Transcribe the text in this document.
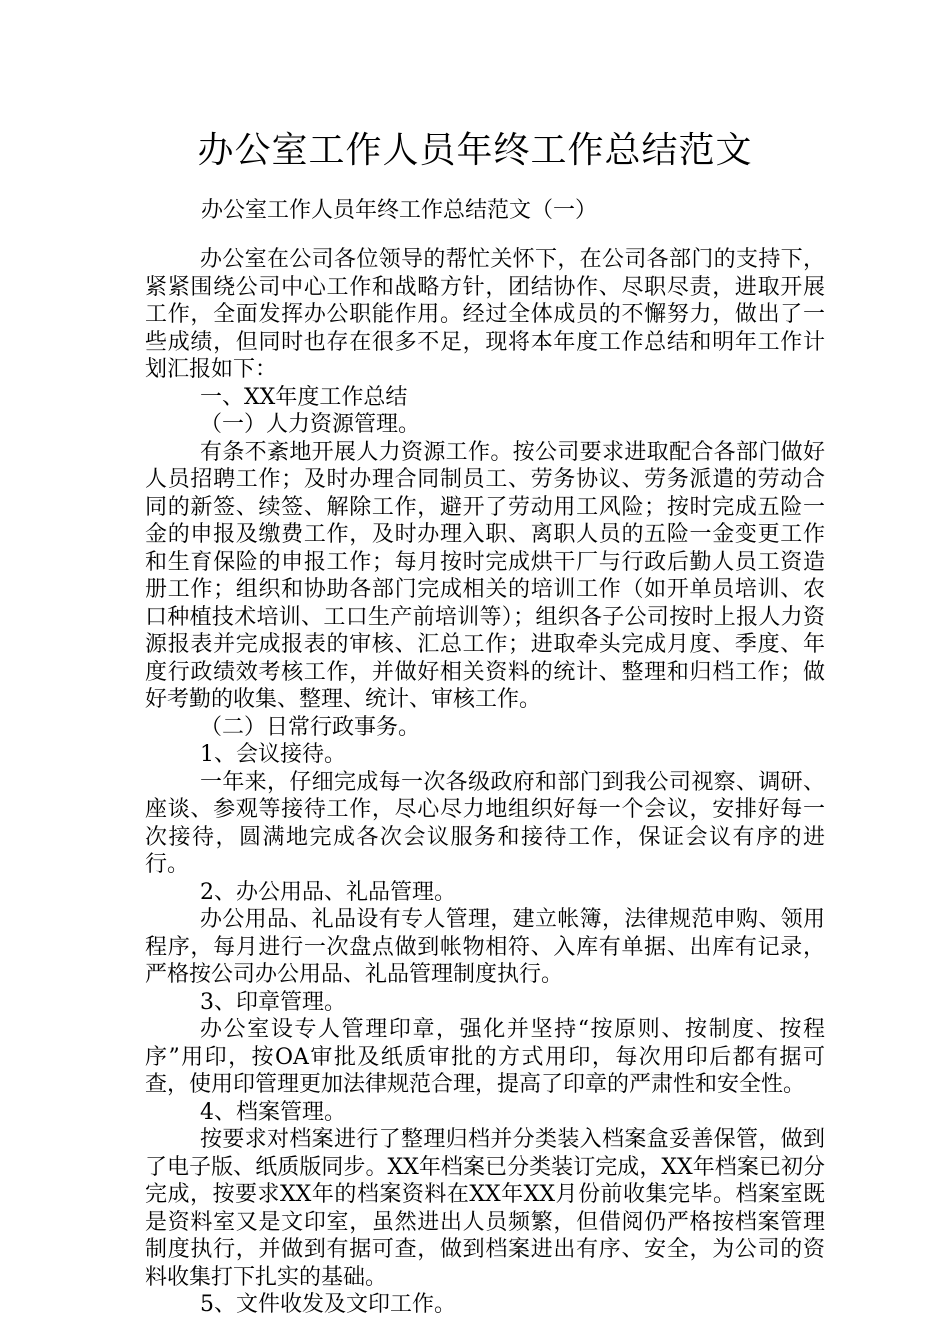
办公室工作人员年终工作总结范文
办公室工作人员年终工作总结范文（一）

办公室在公司各位领导的帮忙关怀下，在公司各部门的支持下，紧紧围绕公司中心工作和战略方针，团结协作、尽职尽责，进取开展工作，全面发挥办公职能作用。经过全体成员的不懈努力，做出了一些成绩，但同时也存在很多不足，现将本年度工作总结和明年工作计划汇报如下：

一、XX年度工作总结

（一）人力资源管理。

有条不紊地开展人力资源工作。按公司要求进取配合各部门做好人员招聘工作；及时办理合同制员工、劳务协议、劳务派遣的劳动合同的新签、续签、解除工作，避开了劳动用工风险；按时完成五险一金的申报及缴费工作，及时办理入职、离职人员的五险一金变更工作和生育保险的申报工作；每月按时完成烘干厂与行政后勤人员工资造册工作；组织和协助各部门完成相关的培训工作（如开单员培训、农口种植技术培训、工口生产前培训等）；组织各子公司按时上报人力资源报表并完成报表的审核、汇总工作；进取牵头完成月度、季度、年度行政绩效考核工作，并做好相关资料的统计、整理和归档工作；做好考勤的收集、整理、统计、审核工作。

（二）日常行政事务。

1、会议接待。

一年来，仔细完成每一次各级政府和部门到我公司视察、调研、座谈、参观等接待工作，尽心尽力地组织好每一个会议，安排好每一次接待，圆满地完成各次会议服务和接待工作，保证会议有序的进行。

2、办公用品、礼品管理。

办公用品、礼品设有专人管理，建立帐簿，法律规范申购、领用程序，每月进行一次盘点做到帐物相符、入库有单据、出库有记录，严格按公司办公用品、礼品管理制度执行。

3、印章管理。

办公室设专人管理印章，强化并坚持“按原则、按制度、按程序”用印，按OA审批及纸质审批的方式用印，每次用印后都有据可查，使用印管理更加法律规范合理，提高了印章的严肃性和安全性。

4、档案管理。

按要求对档案进行了整理归档并分类装入档案盒妥善保管，做到了电子版、纸质版同步。XX年档案已分类装订完成，XX年档案已初分完成，按要求XX年的档案资料在XX年XX月份前收集完毕。档案室既是资料室又是文印室，虽然进出人员频繁，但借阅仍严格按档案管理制度执行，并做到有据可查，做到档案进出有序、安全，为公司的资料收集打下扎实的基础。

5、文件收发及文印工作。
